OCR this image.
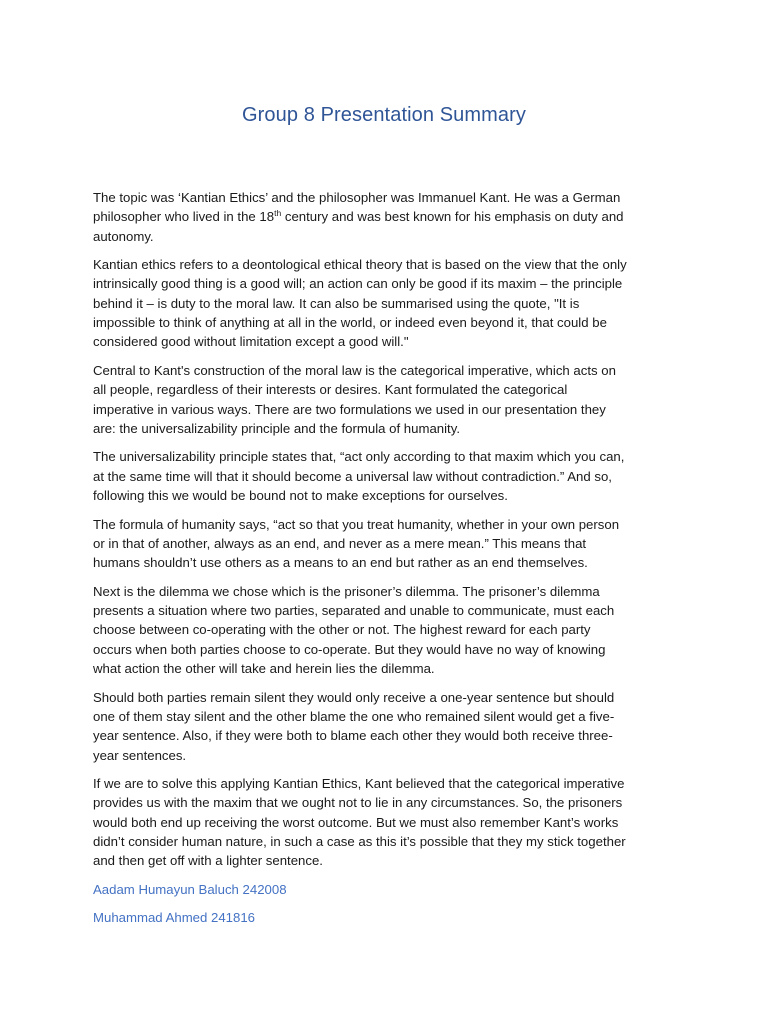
Group 8 Presentation Summary

The topic was ‘Kantian Ethics’ and the philosopher was Immanuel Kant. He was a German
philosopher who lived in the 18th century and was best known for his emphasis on duty and
autonomy.

Kantian ethics refers to a deontological ethical theory that is based on the view that the only
intrinsically good thing is a good will; an action can only be good if its maxim – the principle
behind it – is duty to the moral law. It can also be summarised using the quote, "It is
impossible to think of anything at all in the world, or indeed even beyond it, that could be
considered good without limitation except a good will."

Central to Kant's construction of the moral law is the categorical imperative, which acts on
all people, regardless of their interests or desires. Kant formulated the categorical
imperative in various ways. There are two formulations we used in our presentation they
are: the universalizability principle and the formula of humanity.

The universalizability principle states that, “act only according to that maxim which you can,
at the same time will that it should become a universal law without contradiction.” And so,
following this we would be bound not to make exceptions for ourselves.

The formula of humanity says, “act so that you treat humanity, whether in your own person
or in that of another, always as an end, and never as a mere mean.” This means that
humans shouldn’t use others as a means to an end but rather as an end themselves.

Next is the dilemma we chose which is the prisoner’s dilemma. The prisoner’s dilemma
presents a situation where two parties, separated and unable to communicate, must each
choose between co-operating with the other or not. The highest reward for each party
occurs when both parties choose to co-operate. But they would have no way of knowing
what action the other will take and herein lies the dilemma.

Should both parties remain silent they would only receive a one-year sentence but should
one of them stay silent and the other blame the one who remained silent would get a five-
year sentence. Also, if they were both to blame each other they would both receive three-
year sentences.

If we are to solve this applying Kantian Ethics, Kant believed that the categorical imperative
provides us with the maxim that we ought not to lie in any circumstances. So, the prisoners
would both end up receiving the worst outcome. But we must also remember Kant’s works
didn’t consider human nature, in such a case as this it’s possible that they my stick together
and then get off with a lighter sentence.

Aadam Humayun Baluch 242008

Muhammad Ahmed 241816
